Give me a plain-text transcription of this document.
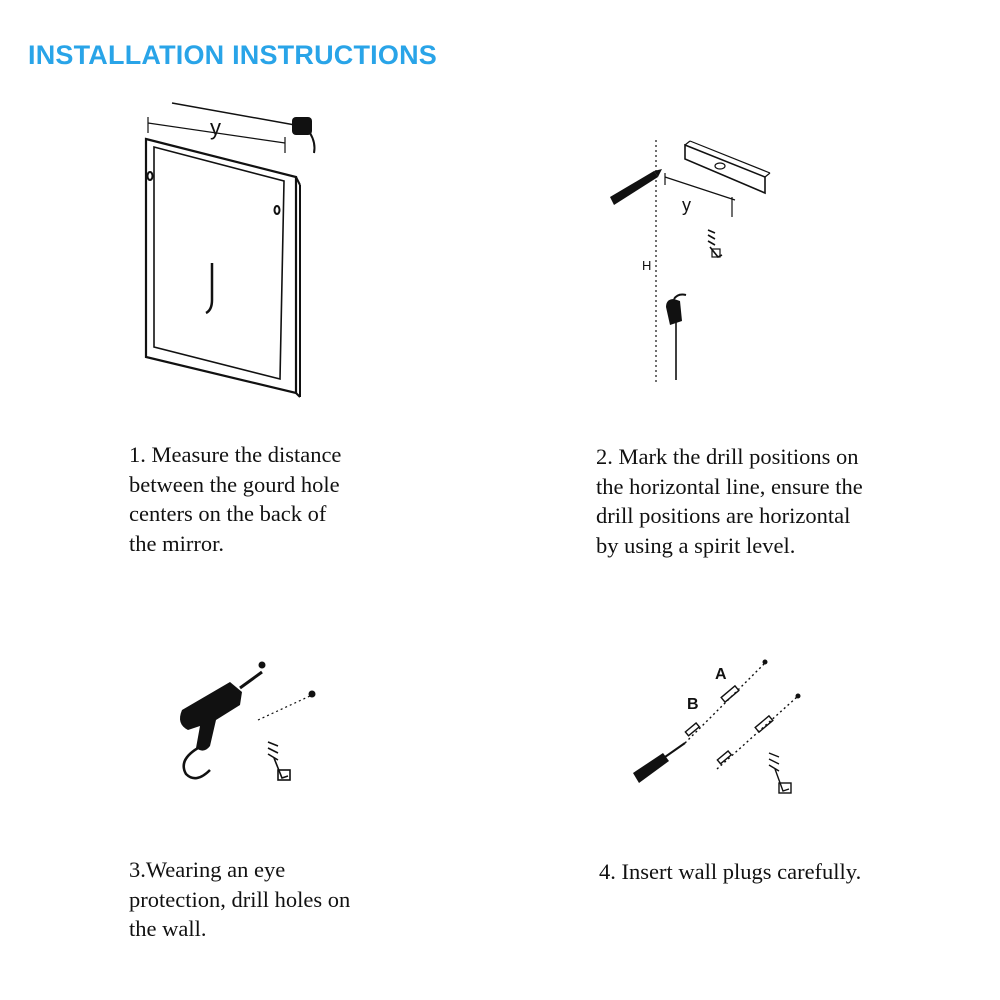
INSTALLATION INSTRUCTIONS
y
y
H
A
B
1. Measure the distance
between the gourd hole
centers on the back of
the mirror.
2. Mark the drill positions on
the horizontal line, ensure the
drill positions are horizontal
by using a spirit level.
3.Wearing an eye
protection, drill holes on
the wall.
4. Insert wall plugs carefully.
